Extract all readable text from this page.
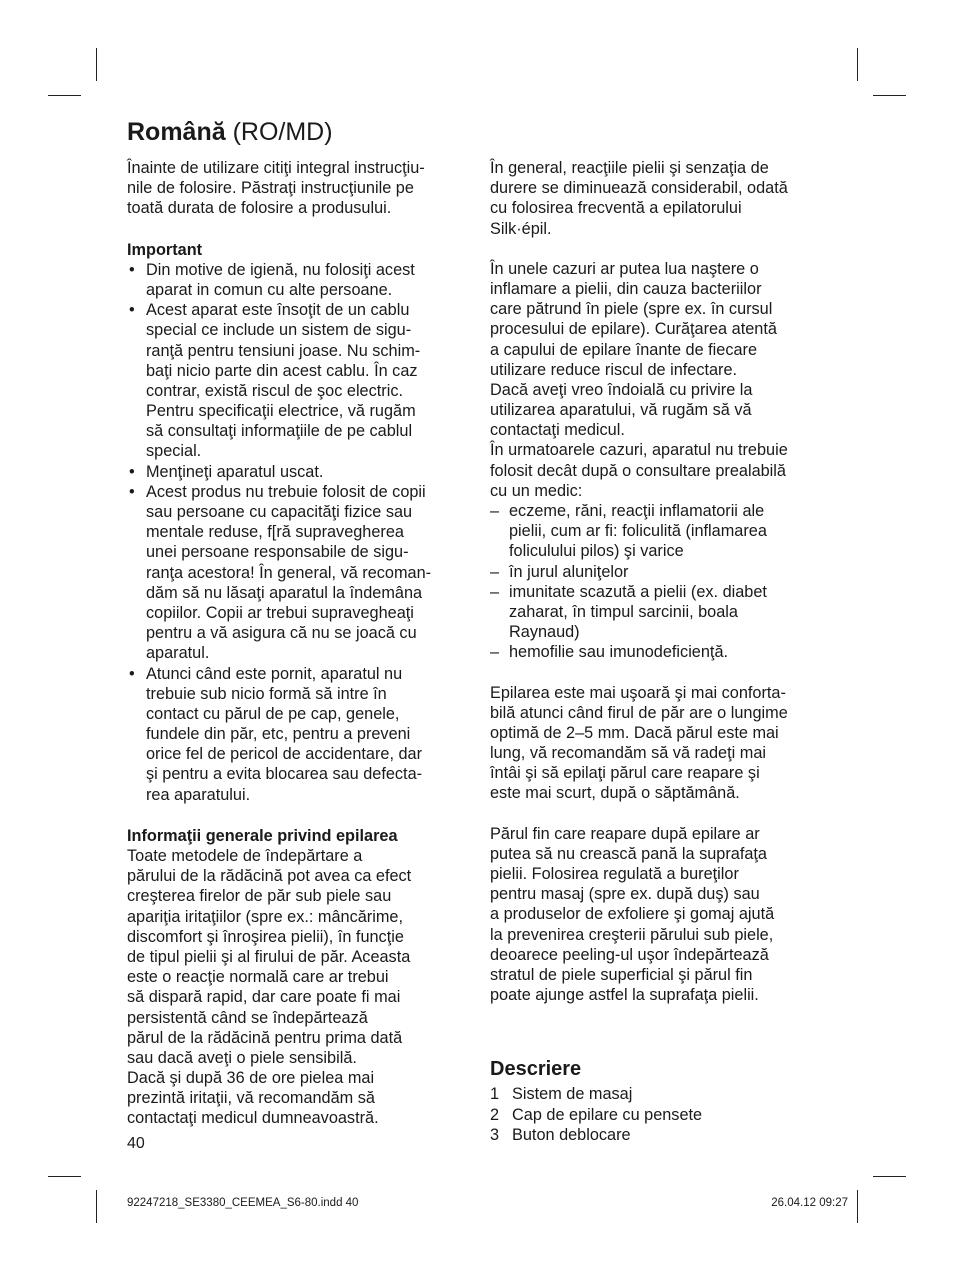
Română (RO/MD)
Înainte de utilizare citiţi integral instrucţiu-
nile de folosire. Păstraţi instrucţiunile pe
toată durata de folosire a produsului.
Important
• Din motive de igienă, nu folosiţi acest
aparat in comun cu alte persoane.
• Acest aparat este însoţit de un cablu
special ce include un sistem de sigu-
ranţă pentru tensiuni joase. Nu schim-
baţi nicio parte din acest cablu. În caz
contrar, există riscul de şoc electric.
Pentru specificaţii electrice, vă rugăm
să consultaţi informaţiile de pe cablul
special.
• Menţineţi aparatul uscat.
• Acest produs nu trebuie folosit de copii
sau persoane cu capacităţi fizice sau
mentale reduse, f[ră supravegherea
unei persoane responsabile de sigu-
ranţa acestora! În general, vă recoman-
dăm să nu lăsaţi aparatul la îndemâna
copiilor. Copii ar trebui supravegheaţi
pentru a vă asigura că nu se joacă cu
aparatul.
• Atunci când este pornit, aparatul nu
trebuie sub nicio formă să intre în
contact cu părul de pe cap, genele,
fundele din păr, etc, pentru a preveni
orice fel de pericol de accidentare, dar
şi pentru a evita blocarea sau defecta-
rea aparatului.
Informaţii generale privind epilarea
Toate metodele de îndepărtare a
părului de la rădăcină pot avea ca efect
creşterea firelor de păr sub piele sau
apariţia iritaţiilor (spre ex.: mâncărime,
discomfort şi înroşirea pielii), în funcţie
de tipul pielii şi al firului de păr. Aceasta
este o reacţie normală care ar trebui
să dispară rapid, dar care poate fi mai
persistentă când se îndepărtează
părul de la rădăcină pentru prima dată
sau dacă aveţi o piele sensibilă.
Dacă şi după 36 de ore pielea mai
prezintă iritaţii, vă recomandăm să
contactaţi medicul dumneavoastră.
În general, reacţiile pielii şi senzaţia de
durere se diminuează considerabil, odată
cu folosirea frecventă a epilatorului
Silk·épil.
În unele cazuri ar putea lua naştere o
inflamare a pielii, din cauza bacteriilor
care pătrund în piele (spre ex. în cursul
procesului de epilare). Curăţarea atentă
a capului de epilare înante de fiecare
utilizare reduce riscul de infectare.
Dacă aveţi vreo îndoială cu privire la
utilizarea aparatului, vă rugăm să vă
contactaţi medicul.
În urmatoarele cazuri, aparatul nu trebuie
folosit decât după o consultare prealabilă
cu un medic:
– eczeme, răni, reacţii inflamatorii ale
pielii, cum ar fi: foliculită (inflamarea
foliculului pilos) şi varice
– în jurul aluniţelor
– imunitate scazută a pielii (ex. diabet
zaharat, în timpul sarcinii, boala
Raynaud)
– hemofilie sau imunodeficienţă.
Epilarea este mai uşoară şi mai conforta-
bilă atunci când firul de păr are o lungime
optimă de 2–5 mm. Dacă părul este mai
lung, vă recomandăm să vă radeţi mai
întâi şi să epilaţi părul care reapare şi
este mai scurt, după o săptămână.
Părul fin care reapare după epilare ar
putea să nu crească pană la suprafaţa
pielii. Folosirea regulată a bureţilor
pentru masaj (spre ex. după duş) sau
a produselor de exfoliere şi gomaj ajută
la prevenirea creşterii părului sub piele,
deoarece peeling-ul uşor îndepărtează
stratul de piele superficial şi părul fin
poate ajunge astfel la suprafaţa pielii.
Descriere
1 Sistem de masaj
2 Cap de epilare cu pensete
3 Buton deblocare
40
92247218_SE3380_CEEMEA_S6-80.indd 40	26.04.12 09:27
